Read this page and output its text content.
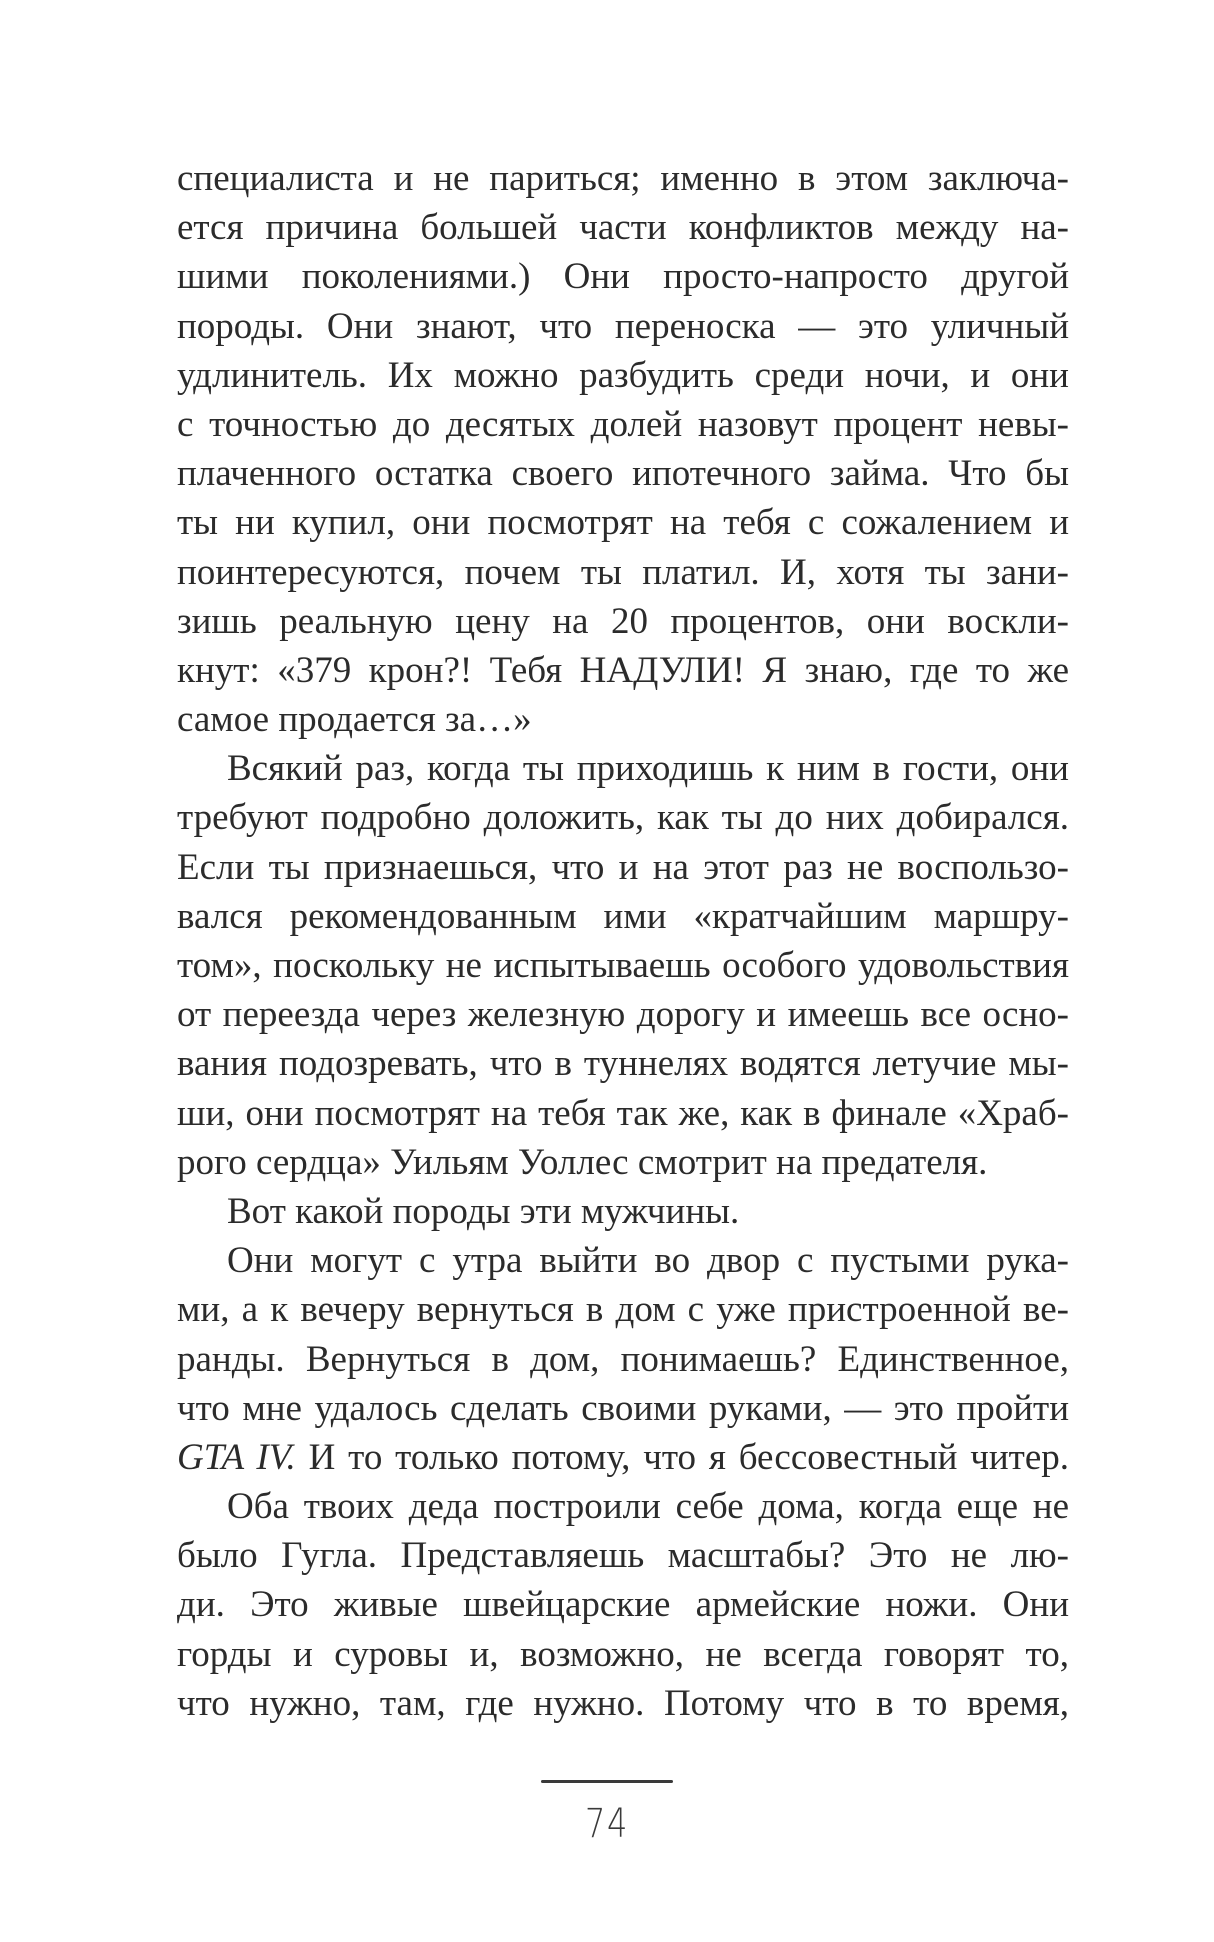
специалиста и не париться; именно в этом заключа-
ется причина большей части конфликтов между на-
шими поколениями.) Они просто-напросто другой
породы. Они знают, что переноска — это уличный
удлинитель. Их можно разбудить среди ночи, и они
с точностью до десятых долей назовут процент невы-
плаченного остатка своего ипотечного займа. Что бы
ты ни купил, они посмотрят на тебя с сожалением и
поинтересуются, почем ты платил. И, хотя ты зани-
зишь реальную цену на 20 процентов, они воскли-
кнут: «379 крон?! Тебя НАДУЛИ! Я знаю, где то же
самое продается за…»
Всякий раз, когда ты приходишь к ним в гости, они
требуют подробно доложить, как ты до них добирался.
Если ты признаешься, что и на этот раз не воспользо-
вался рекомендованным ими «кратчайшим маршру-
том», поскольку не испытываешь особого удовольствия
от переезда через железную дорогу и имеешь все осно-
вания подозревать, что в туннелях водятся летучие мы-
ши, они посмотрят на тебя так же, как в финале «Храб-
рого сердца» Уильям Уоллес смотрит на предателя.
Вот какой породы эти мужчины.
Они могут с утра выйти во двор с пустыми рука-
ми, а к вечеру вернуться в дом с уже пристроенной ве-
ранды. Вернуться в дом, понимаешь? Единственное,
что мне удалось сделать своими руками, — это пройти
GTA IV. И то только потому, что я бессовестный читер.
Оба твоих деда построили себе дома, когда еще не
было Гугла. Представляешь масштабы? Это не лю-
ди. Это живые швейцарские армейские ножи. Они
горды и суровы и, возможно, не всегда говорят то,
что нужно, там, где нужно. Потому что в то время,
74
